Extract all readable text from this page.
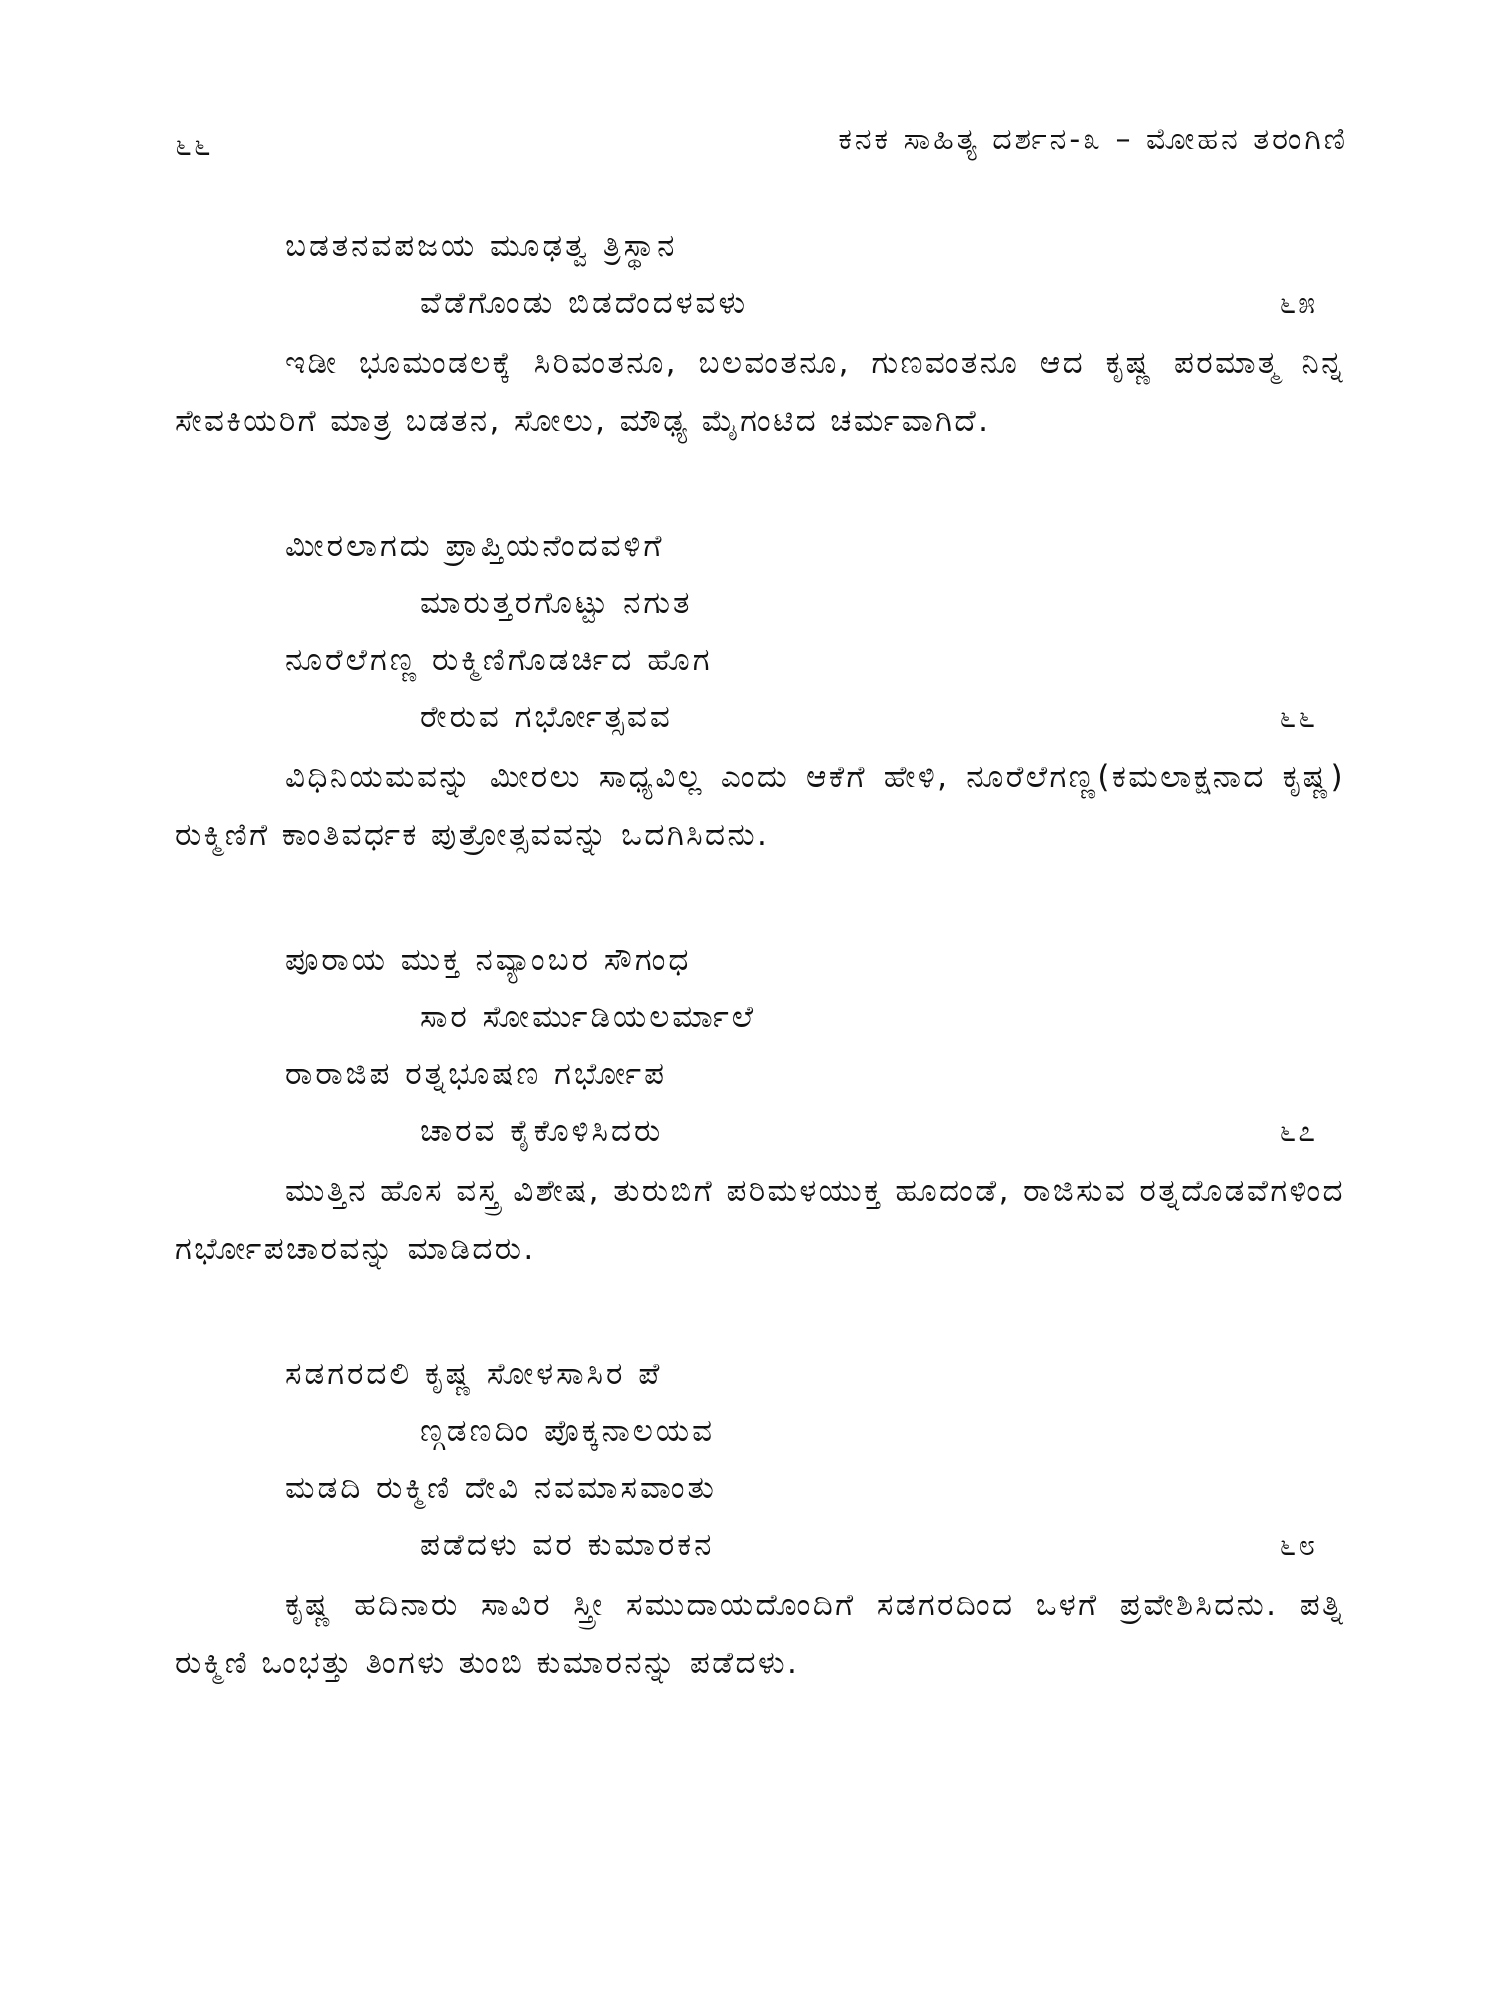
೬೬	ಕನಕ ಸಾಹಿತ್ಯ ದರ್ಶನ-೩ – ಮೋಹನ ತರಂಗಿಣಿ
ಬಡತನವಪಜಯ ಮೂಢತ್ವ ತ್ರಿಸ್ಥಾನ
ವೆಡೆಗೊಂಡು ಬಿಡದೆಂದಳವಳು	೬೫

ಇಡೀ ಭೂಮಂಡಲಕ್ಕೆ ಸಿರಿವಂತನೂ, ಬಲವಂತನೂ, ಗುಣವಂತನೂ ಆದ ಕೃಷ್ಣ ಪರಮಾತ್ಮ ನಿನ್ನ ಸೇವಕಿಯರಿಗೆ ಮಾತ್ರ ಬಡತನ, ಸೋಲು, ಮೌಢ್ಯ ಮೈಗಂಟಿದ ಚರ್ಮವಾಗಿದೆ.

ಮೀರಲಾಗದು ಪ್ರಾಪ್ತಿಯನೆಂದವಳಿಗೆ
ಮಾರುತ್ತರಗೊಟ್ಟು ನಗುತ
ನೂರೆಲೆಗಣ್ಣ ರುಕ್ಮಿಣಿಗೊಡರ್ಚಿದ ಹೊಗ
ರೇರುವ ಗರ್ಭೋತ್ಸವವ	೬೬

ವಿಧಿನಿಯಮವನ್ನು ಮೀರಲು ಸಾಧ್ಯವಿಲ್ಲ ಎಂದು ಆಕೆಗೆ ಹೇಳಿ, ನೂರೆಲೆಗಣ್ಣ(ಕಮಲಾಕ್ಷನಾದ ಕೃಷ್ಣ) ರುಕ್ಮಿಣಿಗೆ ಕಾಂತಿವರ್ಧಕ ಪುತ್ರೋತ್ಸವವನ್ನು ಒದಗಿಸಿದನು.

ಪೂರಾಯ ಮುಕ್ತ ನವ್ಯಾಂಬರ ಸೌಗಂಧ
ಸಾರ ಸೋರ್ಮುಡಿಯಲರ್ಮಾಲೆ
ರಾರಾಜಿಪ ರತ್ನಭೂಷಣ ಗರ್ಭೋಪ
ಚಾರವ ಕೈಕೊಳಿಸಿದರು	೬೭

ಮುತ್ತಿನ ಹೊಸ ವಸ್ತ್ರ ವಿಶೇಷ, ತುರುಬಿಗೆ ಪರಿಮಳಯುಕ್ತ ಹೂದಂಡೆ, ರಾಜಿಸುವ ರತ್ನದೊಡವೆಗಳಿಂದ ಗರ್ಭೋಪಚಾರವನ್ನು ಮಾಡಿದರು.

ಸಡಗರದಲಿ ಕೃಷ್ಣ ಸೋಳಸಾಸಿರ ಪೆ
ಣ್ಗಡಣದಿಂ ಪೊಕ್ಕನಾಲಯವ
ಮಡದಿ ರುಕ್ಮಿಣಿ ದೇವಿ ನವಮಾಸವಾಂತು
ಪಡೆದಳು ವರ ಕುಮಾರಕನ	೬೮

ಕೃಷ್ಣ ಹದಿನಾರು ಸಾವಿರ ಸ್ತ್ರೀ ಸಮುದಾಯದೊಂದಿಗೆ ಸಡಗರದಿಂದ ಒಳಗೆ ಪ್ರವೇಶಿಸಿದನು. ಪತ್ನಿ ರುಕ್ಮಿಣಿ ಒಂಭತ್ತು ತಿಂಗಳು ತುಂಬಿ ಕುಮಾರನನ್ನು ಪಡೆದಳು.
